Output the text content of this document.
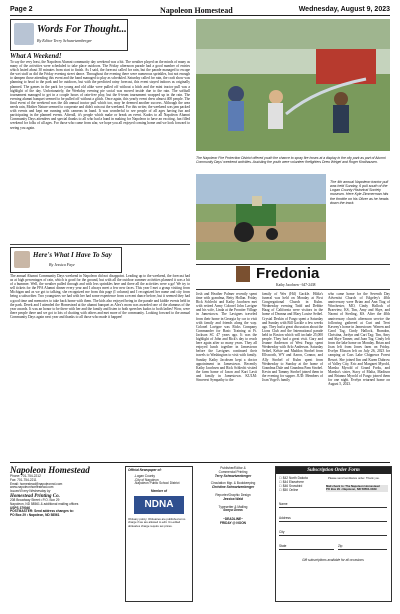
Page 2	Napoleon Homestead	Wednesday, August 9, 2023
Words For Thought...
By Editor Terry Schwartzenberger
What A Weekend!

To say the very least, the Napoleon Alumni community day weekend was a hit. The weather played on the minds of many as many of the activities were scheduled to take place outdoors. The Friday afternoon parade had a good number of entries which lasted about 30 minutes from start to finish. As I said, the forecast called for rain, but the parade managed to escape the wet stuff as did the Friday evening street dance. Throughout the evening there were numerous sprinkles, but not enough to dampen those attending this event and the band managed to play as scheduled. Saturday called for rain, the craft show was planning to head to the park and be outdoors, but with the predicted rainy forecast, this event stayed indoors as originally planned. The games in the park for young and old alike were pulled off without a hitch and the mini tractor pull was a highlight of the day. Unfortunately, the Weekday evening pie social was moved inside due to the rain. The softball tournament managed to get in a couple hours of rain-free play, but the 6-team tournament wrapped up in the rain. The evening alumni banquet seemed to be pulled off without a glitch. Once again, this yearly event drew almost 400 people. The final event of the weekend was the 4th annual tractor pull which too, may be deemed another success. Although the area needs rain, Mother Nature seemed to cooperate and didn't rain out the weekend. For this writer, the weekend was jam packed with events and kept me running with cameras in hand. It was wonderful to see people of all ages having fun and participating in the planned events. Afterall, it's people which make or break an event. Kudos to all Napoleon Alumni Community Days attendees and special thanks to all who had a hand in making for Napoleon to have an exciting, fun filled weekend for folks of all ages. For those who came from afar, we hope you all enjoyed coming home and we look forward to seeing you again.

Here's What I Have To Say
By Jessica Faye

The annual Alumni Community Days weekend in Napoleon did not disappoint. Leading up to the weekend, the forecast had us at high percentages of rain, which is good for the ground, but with all the outdoor summer activities planned it was a bit of a bummer. Well, the weather pulled through and with less sprinkles here and there all the activities were a go! We try to sell tickets for the FFA Alumni dinner every year and I always meet a few new faces. This year I met a group visiting from Michigan and as we got to talking, she recognized me from this page (I column) and I recognized her name and city from being a subscriber. Two youngsters we had with her had some experience from a recent dance before, but it seemed they had a good time and memories to take back home with them. The kids also enjoyed being in the parade and kiddie events held in the park. Derek and I attended the Homestead at the alumni banquet as Alex's mom was awarded one of the alumnus of the year awards. It was an honor to be there with her and the family and listen to both speeches kudos to both ladies! Wow, were there people there and we got to lots of chatting with others and met more of the community. Looking forward to the annual Community Days again next year and thanks to all those who made it happen!

The Napoleon Fire Protection District offered youth the chance to spray fire hoses at a display in the city park as part of Alumni Community Days' weekend activities. Assisting the youth were volunteer firefighters Drew Weigel and Roger Kindhausen.

The 4th annual Napoleon tractor pull was held Sunday, 6 pull south of the Logan County Historical Society museum. Here Kyle Zimmerman hits the throttle on his Oliver as he heads down the track.

Fredonia
Kathy Jacobsen - 647-2438

Josh and Heather Palmer recently spent time with grandma, Betty Hollan. Friday Rick Schlecht and Kathy Jacobsen met with retired Army Colonel John Lavigne and his wife, Linda at the Frontier Village in Jamestown. The Lavignes traveled from their home in Georgia by car to visit with family and friends along the way. Colonel Lavigne was Ricks Company Commander for Basic Training at Ft. Jackson SC 47 years ago. It was the highlight of John and Rick's day to reach here again after so many years. They all enjoyed lunch together in Jamestown before the Lavignes continued their travels to Washington to visit with family. Sunday Kathy Jacobsen kept a doctor appointment in Jamestown. Recently Kathy Jacobsen and Rick Schlecht visited the farm home of Jason and Kari Lavit and family in Jamestown. KULM: Sincerest Sympathy to the

family of Wes (Hil) Gackle. Hilda's funeral was held on Monday at First Congregational Church in Kulm. Wednesday evening Todd and Debbie Haag of California were visitors in the home of Deanna and Mary Louise Seibel. Crystal Deskin of Fargo spent a Saturday and Sunday with Bill Gackle a few weeks ago. They had a great discussion about the Lions Club and the International parade held in Boston which will include 25,000 people. They had a great visit. Gary and Jeanne Anderson of West Fargo spent Wednesday with Arlo Anderson. Saturday Seibel, Kelsie and Maddox Strobel from Ellsworth, WY and Aaron, Connor, and Ally Strobel of Kulm spent from Wednesday to Sunday at the home of Grandma Dale and Grandma Pam Strobel. Kevin and Tammy Strobel joined them in the evening for supper. JUD: Members of Joan Vogel's family

who came home for the Seventh Day Adventist Church of Edgeley's 40th anniversary were Brian and Ann Tiag of Winchester, MO, Cindy Hallock of Braeview, KS, Tim, Amy and Skye, and Naomi of Sterling, KS. After the 40th anniversary church afternoon service the following gathered at Curt and Terri Kaveny's home in Jamestown: Warren and Carol Tag, Cindy Hallock, Brandon, Christina, Jordyn and Cari Tag; Tim, Amy and Skye Tanner, and Joan Tag. Cindy left from the lake home on Monday. Brian and Joan left from Jones farm on Friday. Evelyn Eliason left on July 26, 2023 for camping at Cass Lake Chippewa Forest Resort. She joined Jim and Karen Dubrow of Valley City, Eric and Margaret Myrold, Marsha Myrold of Grand Forks, and Marsha's sister, Stacy of Malta, Madison and Brianna Myrold of Fargo joined them for one night. Evelyn returned home on August 5, 2023.

Napoleon Homestead
Phone: 701-754-2212
Fax: 701-754-2211
Email: homestead@napoleonnd.com
www.napoleonhomestead.com
Issued Every Wednesday by
Homestead Printing Co.
208 Broadway Street • P.O. Box 29
Napoleon, ND 58561 & additional mailing offices
USPS 379040
POSTMASTER: Send address changes to:
PO Box 29 • Napoleon, ND 58561
Official Newspaper of:
-Logan County
-City of Napoleon
-Napoleon Public School District
Member of
NDNA
Obituary policy: Obituaries are published at no charge if we are allowed to edit. Un-edited obituaries charge require set prices.
Publisher/Editor &
Commercial Printing
Terry Schwartzenberger
Circulation Mgr. & Bookkeeping
Christine Schwartzenberger
Reporter/Graphic Design
Jessica Waid
Typesetter & Mailing
Sonya Gross
~DEADLINE~
FRIDAY @ NOON
Subscription Order Form
☐ $42 North Dakota
☐ $44 Elsewhere
☐ $46 Snowbird
☐ $50 Online
Please send remittance order. Thank you.
Mail check to: The Napoleon Homestead
PO Box 29 • Napoleon, ND 58561-0029
Name
Address
City
State	Zip
Gift subscriptions available for all occasions
